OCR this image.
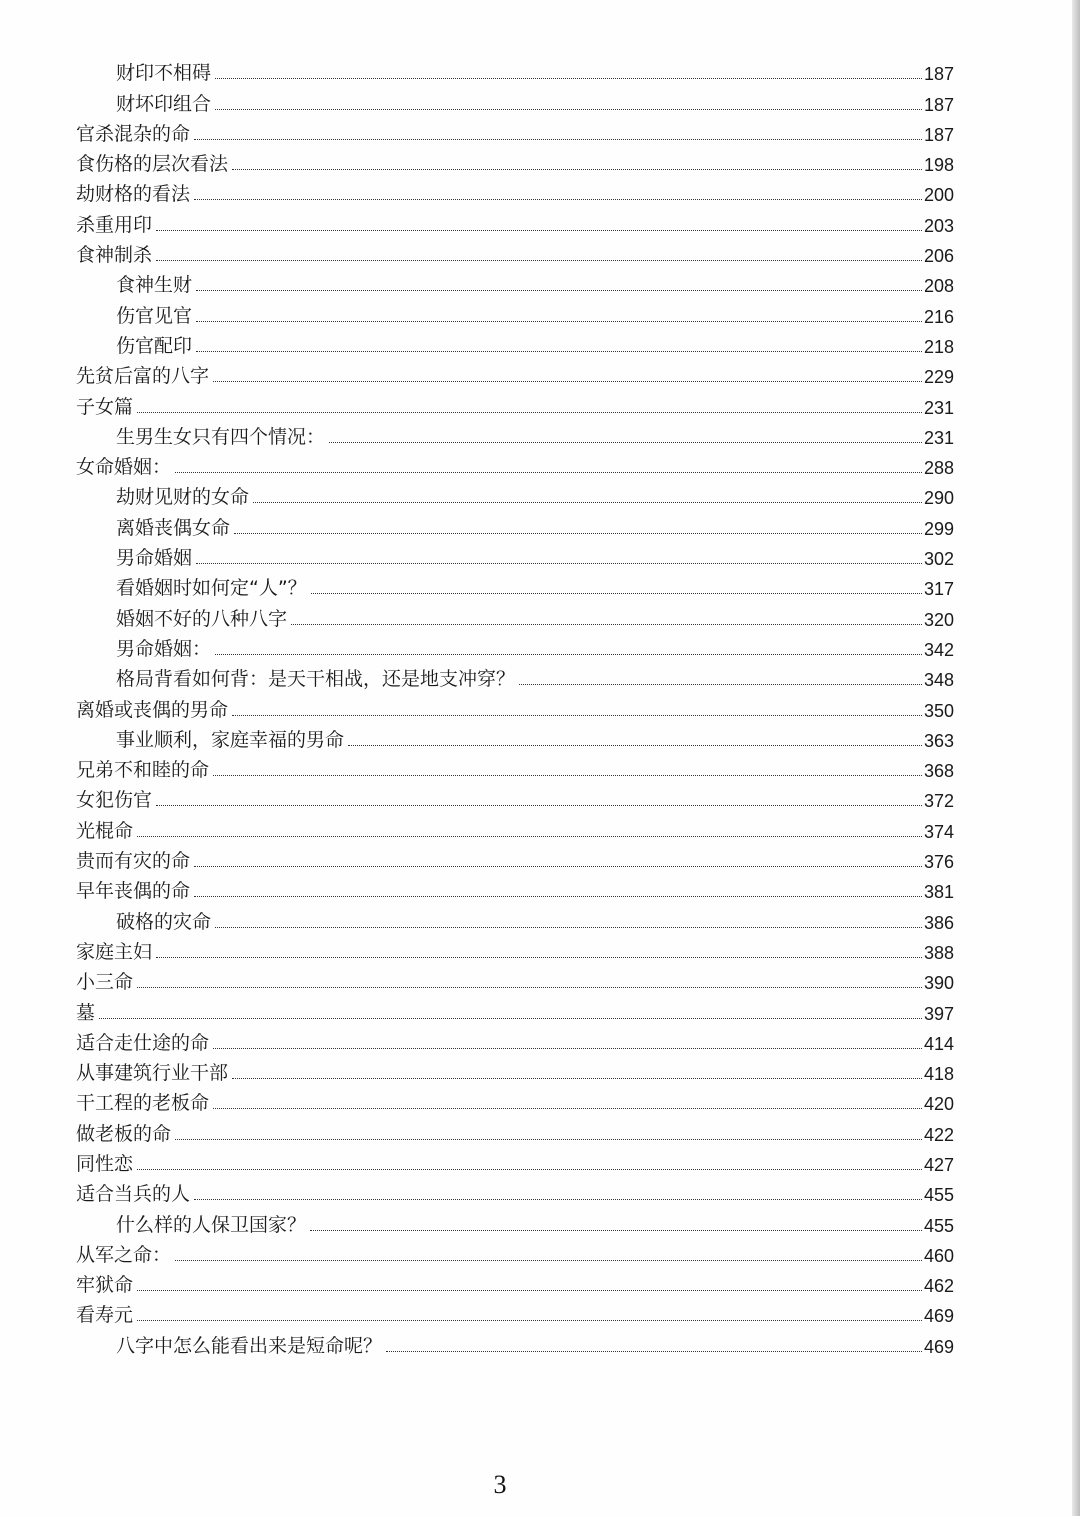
财印不相碍	187
财坏印组合	187
官杀混杂的命	187
食伤格的层次看法	198
劫财格的看法	200
杀重用印	203
食神制杀	206
食神生财	208
伤官见官	216
伤官配印	218
先贫后富的八字	229
子女篇	231
生男生女只有四个情况：	231
女命婚姻：	288
劫财见财的女命	290
离婚丧偶女命	299
男命婚姻	302
看婚姻时如何定“人”？	317
婚姻不好的八种八字	320
男命婚姻：	342
格局背看如何背：是天干相战，还是地支冲穿？	348
离婚或丧偶的男命	350
事业顺利，家庭幸福的男命	363
兄弟不和睦的命	368
女犯伤官	372
光棍命	374
贵而有灾的命	376
早年丧偶的命	381
破格的灾命	386
家庭主妇	388
小三命	390
墓	397
适合走仕途的命	414
从事建筑行业干部	418
干工程的老板命	420
做老板的命	422
同性恋	427
适合当兵的人	455
什么样的人保卫国家？	455
从军之命：	460
牢狱命	462
看寿元	469
八字中怎么能看出来是短命呢？	469
3
